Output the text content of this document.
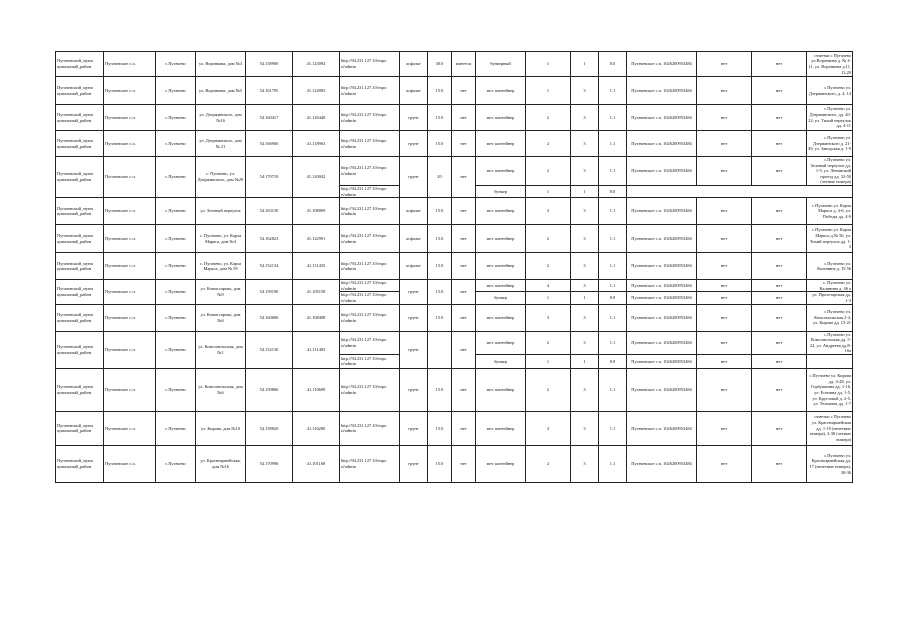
Пугачевский_муни ципальный_район	Пугачевское с.п.	с.Пугачево	ул. Воронкова, дом №3	54.158900	41.123094	http://94.231.127.10/expo rt/admin	асфальт	30.0	имеется	бункерный	1	1	8.0	Пугачевское с.п. 1026200953484	нет	нет	отметки с Пугачево ул.Воронкова д. № 4-11, ул. Воронкова д.11, 13,29
Пугачевский_муни ципальный_район	Пугачевское с.п.	с.Пугачево	ул. Воронкова, дом №5	54.161795	41.124985	http://94.231.127.10/expo rt/admin	асфальт	15.0	нет	мет. контейнер	1	3	1.1	Пугачевское с.п. 1026200953484	нет	нет	с.Пугачево ул. Дзержинского, д. 4, 14
Пугачевский_муни ципальный_район	Пугачевское с.п.	с.Пугачево	ул. Дзержинского, дом №16	54.160417	41.126440	http://94.231.127.10/expo rt/admin	грунт	15.0	нет	мет. контейнер	2	3	1.1	Пугачевское с.п. 1026200953484	нет	нет	с.Пугачево ул. Дзержинского, дд. 20-22, ул. Тихий переулок дд. 4-11
Пугачевский_муни ципальный_район	Пугачевское с.п.	с.Пугачево	ул. Дзержинского, дом № 21	54.166966	41.118963	http://94.231.127.10/expo rt/admin	грунт	15.0	нет	мет. контейнер	2	3	1.1	Пугачевское с.п. 1026200953484	нет	нет	с.Пугачево ул. Дзержинского д. 21-49, ул. Заводская д. 1-9
Пугачевский_муни ципальный_район	Пугачевское с.п.	с.Пугачево	с. Пугачево, ул. Дзержинского, дом №29	54.170719	41.120042	http://94.231.127.10/expo rt/admin	грунт	20	нет	мет. контейнер	2	3	1.1	Пугачевское с.п. 1026200953484	нет	нет	с.Пугачево ул. Зеленый переулок дд. 1-5, ул. Ленинский проезд дд. 32-50 (четные номера)
						http://94.231.127.10/expo rt/admin				бункер	1	1	8.0				
Пугачевский_муни ципальный_район	Пугачевское с.п.	с.Пугачево	ул. Зеленый переулок	54.163130	41.108009	http://94.231.127.10/expo rt/admin	асфальт	15.0	нет	мет. контейнер	3	3	1.1	Пугачевское с.п. 1026200953484	нет	нет	с.Пугачево ул. Карла Маркса д. 4-6, ул. Победы дд. 4-9
Пугачевский_муни ципальный_район	Пугачевское с.п.	с.Пугачево	с. Пугачево, ул. Карла Маркса, дом №4	54.162823	41.122991	http://94.231.127.10/expo rt/admin	асфальт	15.0	нет	мет. контейнер	2	3	1.1	Пугачевское с.п. 1026200953484	нет	нет	с.Пугачево ул. Карла Маркса д.№ 56, ул. Тихий переулок дд. 1-3
Пугачевский_муни ципальный_район	Пугачевское с.п.	с.Пугачево	с. Пугачево, ул. Карла Маркса, дом № 59	54.152134	41.111435	http://94.231.127.10/expo rt/admin	асфальт	15.0	нет	мет. контейнер	2	3	1.1	Пугачевское с.п. 1026200953484	нет	нет	с.Пугачево ул. Калинина д. 19 56
Пугачевский_муни ципальный_район	Пугачевское с.п.	с.Пугачево	ул. Комиссарова, дом №9	54.159190	41.105158	http://94.231.127.10/expo rt/admin	грунт	15.0	нет	мет. контейнер	4	3	1.1	Пугачевское с.п. 1026200953484	нет	нет	с. Пугачево ул. Калинина д. 46 а
						http://94.231.127.10/expo rt/admin				бункер	1	1	8.0	Пугачевское с.п. 1026200953484	нет	нет	ул. Пролетарская дд. 1-3
Пугачевский_муни ципальный_район	Пугачевское с.п.	с.Пугачево	ул. Комиссарова, дом №6	54.160686	41.108408	http://94.231.127.10/expo rt/admin	грунт	15.0	нет	мет. контейнер	3	3	1.1	Пугачевское с.п. 1026200953484	нет	нет	с.Пугачево ул. Комсомольская 2-4, ул. Кирова дд. 15-21
Пугачевский_муни ципальный_район	Пугачевское с.п.	с.Пугачево	ул. Комсомольская, дом №1	54.152130	41.111483	http://94.231.127.10/expo rt/admin	грунт		нет	мет. контейнер	2	3	1.1	Пугачевское с.п. 1026200953484	нет	нет	с.Пугачево ул. Комсомольская дд. 5-22, ул. Андреева дд.8-16а
						http://94.231.127.10/expo rt/admin				бункер	1	1	8.0	Пугачевское с.п. 1026200953484	нет	нет	
Пугачевский_муни ципальный_район	Пугачевское с.п.	с.Пугачево	ул. Комсомольская, дом №6	54.159866	41.110609	http://94.231.127.10/expo rt/admin	грунт	15.0	нет	мет. контейнер	2	3	1.1	Пугачевское с.п. 1026200953484	нет	нет	с.Пугачево ул. Кирова дд. 4-28, ул. Горбушкина дд. 1-16, ул. Есенина дд. 1-5, ул. Кругловой д. 2-5, ул. Тельмана дд. 1-7
Пугачевский_муни ципальный_район	Пугачевское с.п.	с.Пугачево	ул. Кирова, дом №10	54.158820	41.116280	http://94.231.127.10/expo rt/admin	грунт	15.0	нет	мет. контейнер	3	3	1.1	Пугачевское с.п. 1026200953484	нет	нет	отметки с Пугачево ул. Красноармейская дд. 1-19 (нечетные номера), 2-38 (четные номера)
Пугачевский_муни ципальный_район	Пугачевское с.п.	с.Пугачево	ул. Красноармейская, дом №16	54.170996	41.101168	http://94.231.127.10/expo rt/admin	грунт	15.0	нет	мет. контейнер	2	3	1.1	Пугачевское с.п. 1026200953484	нет	нет	с.Пугачево ул. Красноармейская дд. 17 (нечетные номера), 30-36
